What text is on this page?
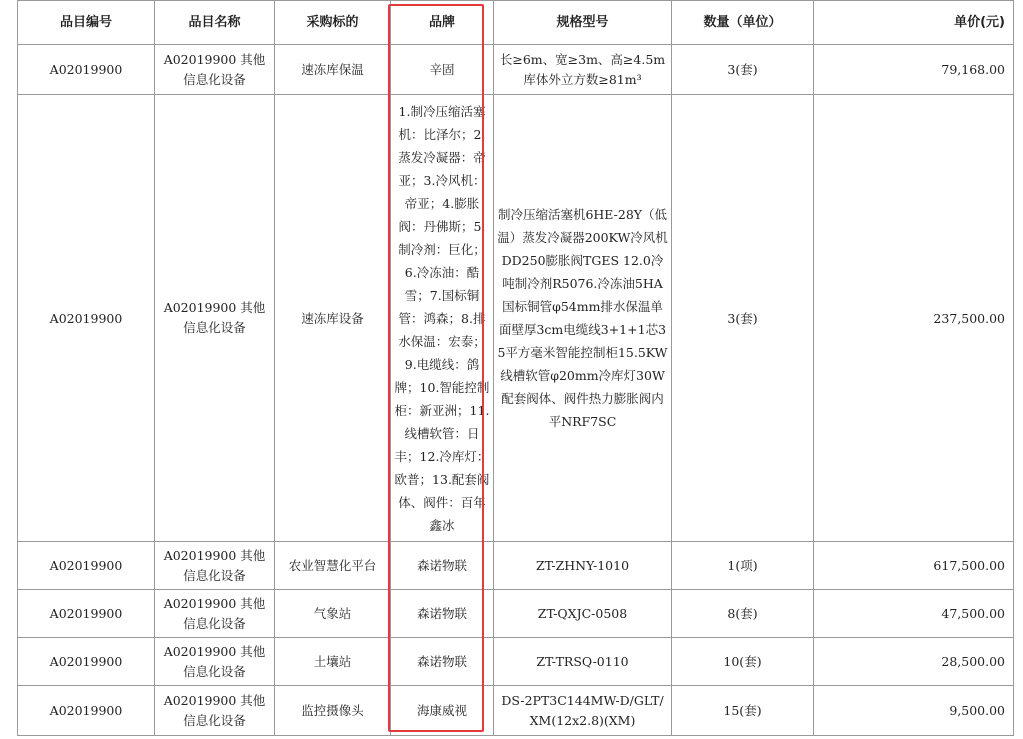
品目编号	品目名称	采购标的	品牌	规格型号	数量（单位）	单价(元)
A02019900	A02019900 其他信息化设备	速冻库保温	辛固	长≥6m、宽≥3m、高≥4.5m库体外立方数≥81m³	3(套)	79,168.00
A02019900	A02019900 其他信息化设备	速冻库设备	1.制冷压缩活塞机：比泽尔；2.蒸发冷凝器：帝亚；3.冷风机：帝亚；4.膨胀阀：丹佛斯；5.制冷剂：巨化；6.冷冻油：酷雪；7.国标铜管：鸿森；8.排水保温：宏泰；9.电缆线：鸽牌；10.智能控制柜：新亚洲；11.线槽软管：日丰；12.冷库灯：欧普；13.配套阀体、阀件：百年鑫冰	制冷压缩活塞机6HE-28Y（低温）蒸发冷凝器200KW冷风机DD250膨胀阀TGES 12.0冷吨制冷剂R5076.冷冻油5HA国标铜管φ54mm排水保温单面壁厚3cm电缆线3+1+1芯35平方毫米智能控制柜15.5KW线槽软管φ20mm冷库灯30W配套阀体、阀件热力膨胀阀内平NRF7SC	3(套)	237,500.00
A02019900	A02019900 其他信息化设备	农业智慧化平台	森诺物联	ZT-ZHNY-1010	1(项)	617,500.00
A02019900	A02019900 其他信息化设备	气象站	森诺物联	ZT-QXJC-0508	8(套)	47,500.00
A02019900	A02019900 其他信息化设备	土壤站	森诺物联	ZT-TRSQ-0110	10(套)	28,500.00
A02019900	A02019900 其他信息化设备	监控摄像头	海康威视	DS-2PT3C144MW-D/GLT/XM(12x2.8)(XM)	15(套)	9,500.00
